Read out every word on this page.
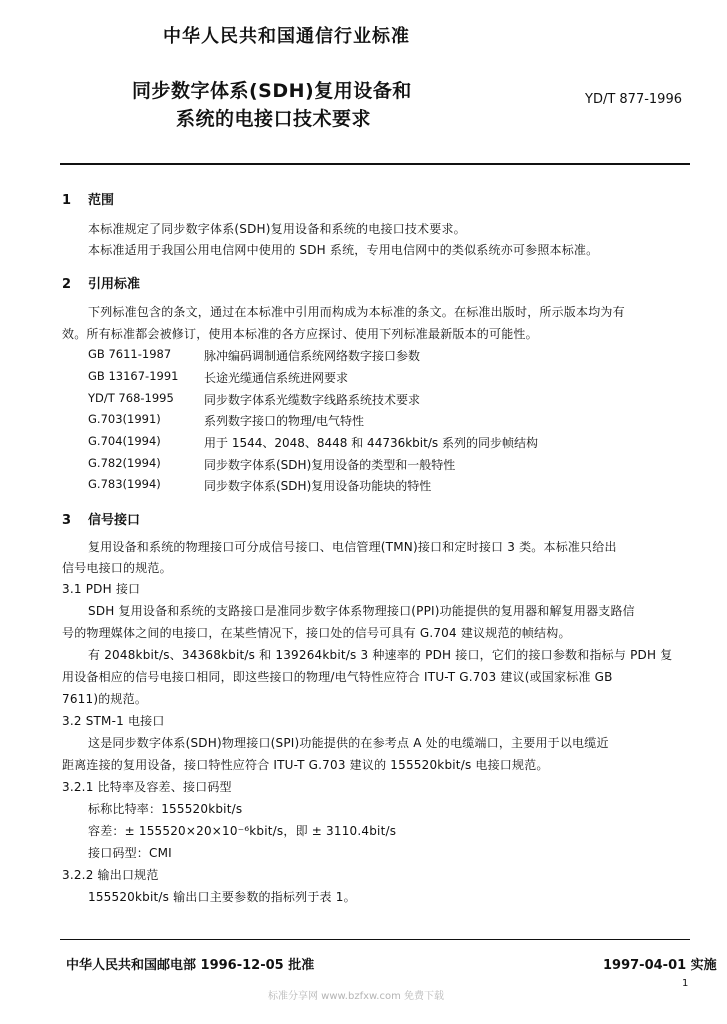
中华人民共和国通信行业标准
同步数字体系(SDH)复用设备和
系统的电接口技术要求
YD/T 877-1996
1 范围
本标准规定了同步数字体系(SDH)复用设备和系统的电接口技术要求。
本标准适用于我国公用电信网中使用的 SDH 系统，专用电信网中的类似系统亦可参照本标准。
2 引用标准
下列标准包含的条文，通过在本标准中引用而构成为本标准的条文。在标准出版时，所示版本均为有
效。所有标准都会被修订，使用本标准的各方应探讨、使用下列标准最新版本的可能性。
GB 7611-1987	脉冲编码调制通信系统网络数字接口参数
GB 13167-1991 长途光缆通信系统进网要求
YD/T 768-1995	同步数字体系光缆数字线路系统技术要求
G.703(1991)	系列数字接口的物理/电气特性
G.704(1994)	用于 1544、2048、8448 和 44736kbit/s 系列的同步帧结构
G.782(1994)	同步数字体系(SDH)复用设备的类型和一般特性
G.783(1994)	同步数字体系(SDH)复用设备功能块的特性
3 信号接口
复用设备和系统的物理接口可分成信号接口、电信管理(TMN)接口和定时接口 3 类。本标准只给出
信号电接口的规范。
3.1 PDH 接口
SDH 复用设备和系统的支路接口是准同步数字体系物理接口(PPI)功能提供的复用器和解复用器支路信
号的物理媒体之间的电接口，在某些情况下，接口处的信号可具有 G.704 建议规范的帧结构。
有 2048kbit/s、34368kbit/s 和 139264kbit/s 3 种速率的 PDH 接口，它们的接口参数和指标与 PDH 复
用设备相应的信号电接口相同，即这些接口的物理/电气特性应符合 ITU-T G.703 建议(或国家标准 GB
7611)的规范。
3.2 STM-1 电接口
这是同步数字体系(SDH)物理接口(SPI)功能提供的在参考点 A 处的电缆端口，主要用于以电缆近
距离连接的复用设备，接口特性应符合 ITU-T G.703 建议的 155520kbit/s 电接口规范。
3.2.1 比特率及容差、接口码型
标称比特率：155520kbit/s
容差：± 155520×20×10⁻⁶kbit/s，即 ± 3110.4bit/s
接口码型：CMI
3.2.2 输出口规范
155520kbit/s 输出口主要参数的指标列于表 1。
中华人民共和国邮电部 1996-12-05 批准	1997-04-01 实施
1
标准分享网 www.bzfxw.com 免费下载
